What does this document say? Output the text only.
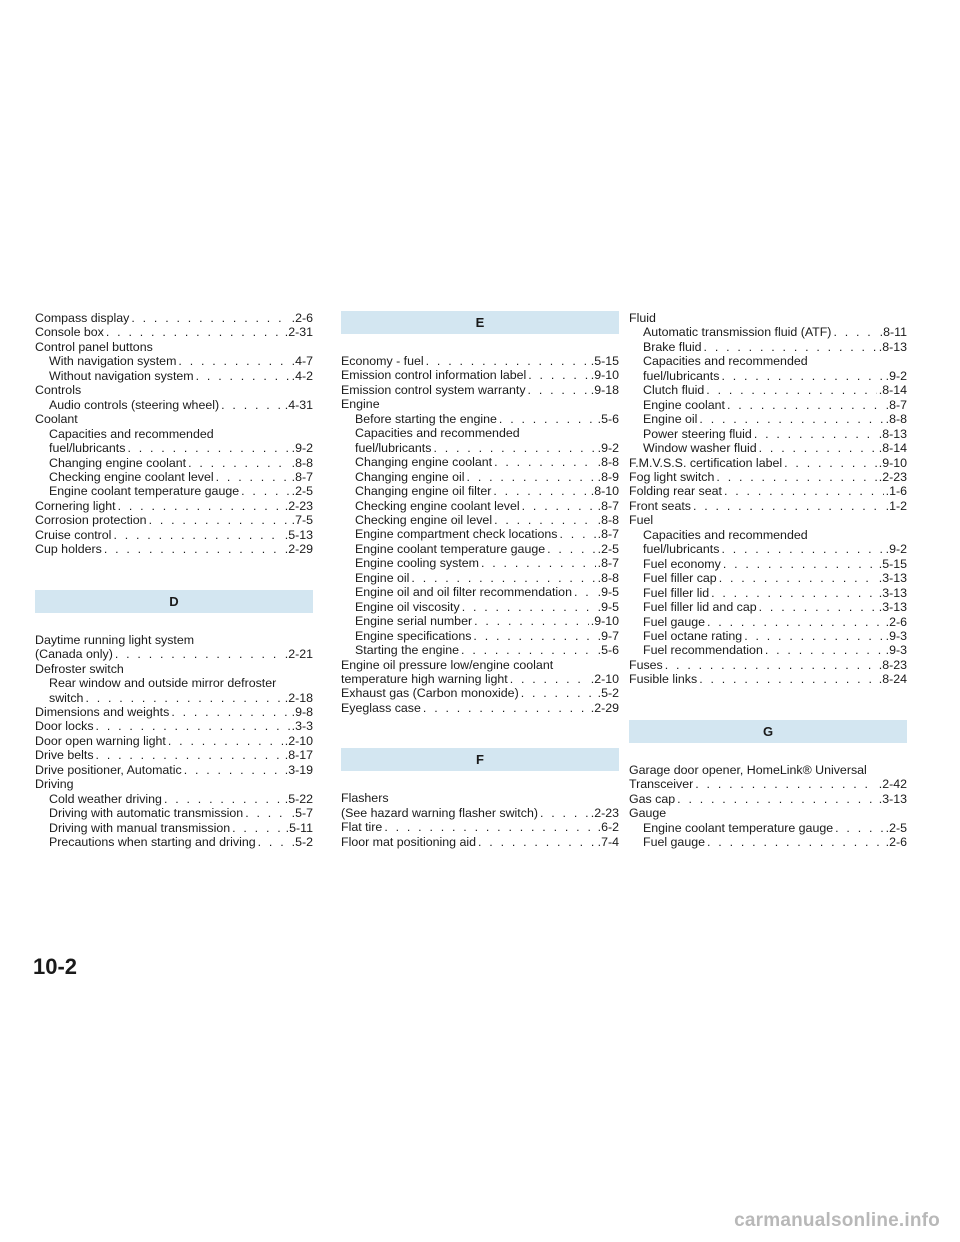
Compass display . . .	.2-6
Console box . . .	.2-31
Control panel buttons
With navigation system . . .	.4-7
Without navigation system . . .	.4-2
Controls
Audio controls (steering wheel) . . .	.4-31
Coolant
Capacities and recommended
fuel/lubricants . . .	.9-2
Changing engine coolant . . .	.8-8
Checking engine coolant level . . .	.8-7
Engine coolant temperature gauge . . .	.2-5
Cornering light . . .	.2-23
Corrosion protection . . .	.7-5
Cruise control . . .	.5-13
Cup holders . . .	.2-29
D
Daytime running light system
(Canada only) . . .	.2-21
Defroster switch
Rear window and outside mirror defroster
switch . . .	.2-18
Dimensions and weights . . .	.9-8
Door locks . . .	.3-3
Door open warning light . . .	.2-10
Drive belts . . .	.8-17
Drive positioner, Automatic . . .	.3-19
Driving
Cold weather driving . . .	.5-22
Driving with automatic transmission . . .	.5-7
Driving with manual transmission . . .	.5-11
Precautions when starting and driving . . .	.5-2
E
Economy - fuel . . .	.5-15
Emission control information label . . .	.9-10
Emission control system warranty . . .	.9-18
Engine
Before starting the engine . . .	.5-6
Capacities and recommended
fuel/lubricants . . .	.9-2
Changing engine coolant . . .	.8-8
Changing engine oil . . .	.8-9
Changing engine oil filter . . .	.8-10
Checking engine coolant level . . .	.8-7
Checking engine oil level . . .	.8-8
Engine compartment check locations . . .	.8-7
Engine coolant temperature gauge . . .	.2-5
Engine cooling system . . .	.8-7
Engine oil . . .	.8-8
Engine oil and oil filter recommendation . . . .9-5
Engine oil viscosity . . .	.9-5
Engine serial number . . .	.9-10
Engine specifications . . .	.9-7
Starting the engine . . .	.5-6
Engine oil pressure low/engine coolant
temperature high warning light . . .	.2-10
Exhaust gas (Carbon monoxide) . . .	.5-2
Eyeglass case . . .	.2-29
F
Flashers
(See hazard warning flasher switch) . . .	.2-23
Flat tire . . .	.6-2
Floor mat positioning aid . . .	.7-4
Fluid
Automatic transmission fluid (ATF) . . .	.8-11
Brake fluid . . .	.8-13
Capacities and recommended
fuel/lubricants . . .	.9-2
Clutch fluid . . .	.8-14
Engine coolant . . .	.8-7
Engine oil . . .	.8-8
Power steering fluid . . .	.8-13
Window washer fluid . . .	.8-14
F.M.V.S.S. certification label . . .	.9-10
Fog light switch . . .	.2-23
Folding rear seat . . .	.1-6
Front seats . . .	.1-2
Fuel
Capacities and recommended
fuel/lubricants . . .	.9-2
Fuel economy . . .	.5-15
Fuel filler cap . . .	.3-13
Fuel filler lid . . .	.3-13
Fuel filler lid and cap . . .	.3-13
Fuel gauge . . .	.2-6
Fuel octane rating . . .	.9-3
Fuel recommendation . . .	.9-3
Fuses . . .	.8-23
Fusible links . . .	.8-24
G
Garage door opener, HomeLink® Universal
Transceiver . . .	.2-42
Gas cap . . .	.3-13
Gauge
Engine coolant temperature gauge . . .	.2-5
Fuel gauge . . .	.2-6
10-2
carmanualsonline.info
